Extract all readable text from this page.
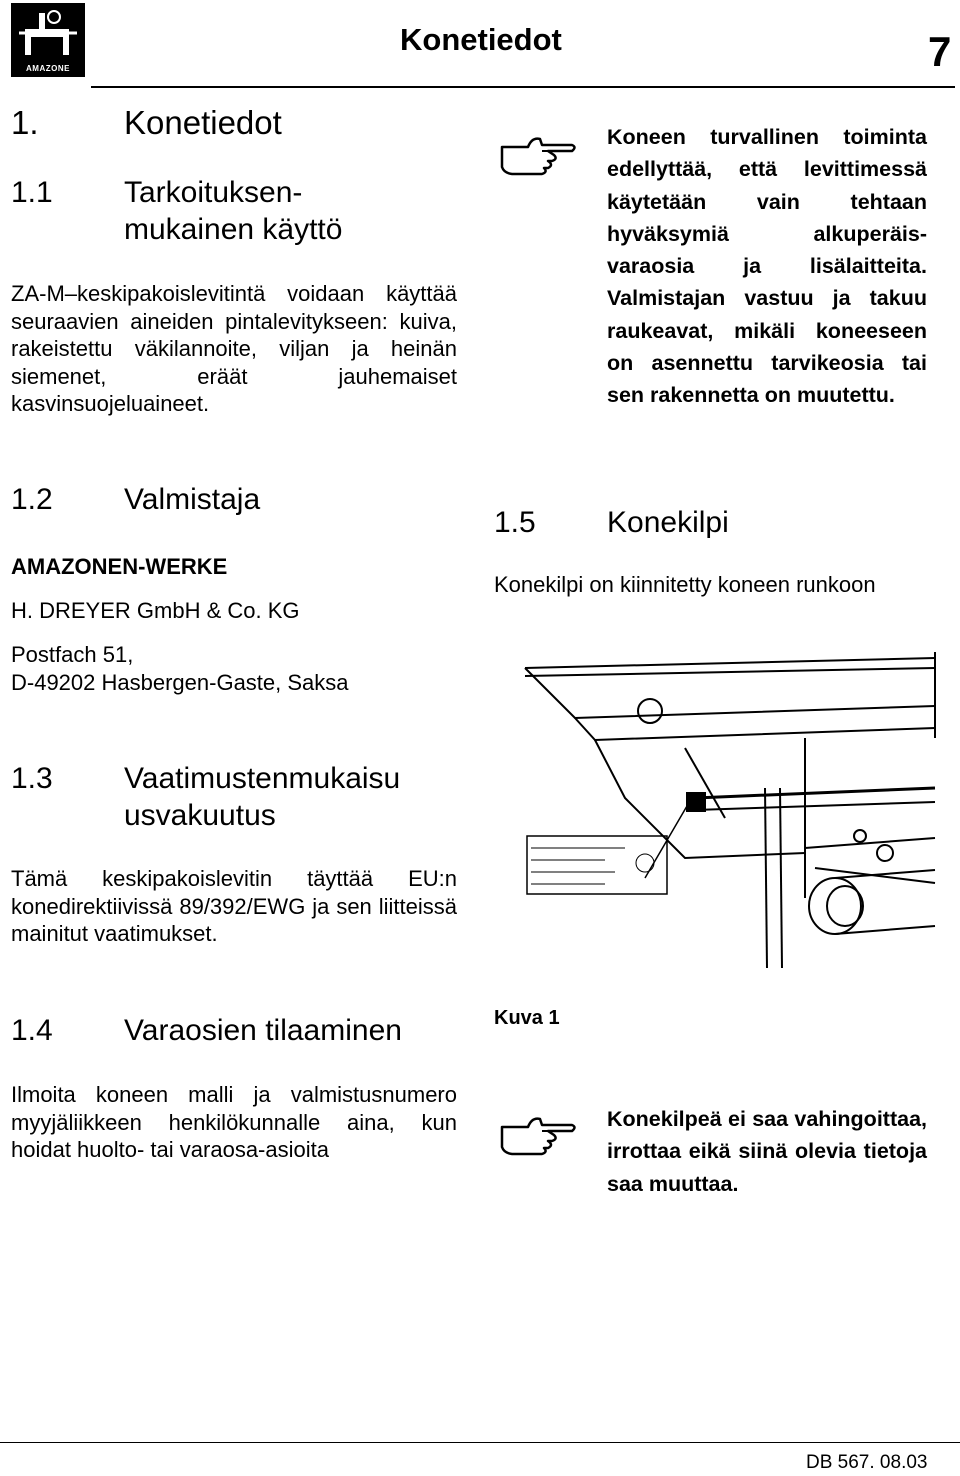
AMAZONE
Konetiedot	7
1.	Konetiedot
1.1 Tarkoituksen-
mukainen käyttö
ZA-M–keskipakoislevitintä voidaan käyttää seuraavien aineiden pintalevitykseen: kuiva, rakeistettu väkilannoite, viljan ja heinän siemenet, eräät jauhemaiset kasvinsuojeluaineet.
Koneen turvallinen toiminta edellyttää, että levittimessä käytetään vain tehtaan hyväksymiä alkuperäis-varaosia ja lisälaitteita. Valmistajan vastuu ja takuu raukeavat, mikäli koneeseen on asennettu tarvikeosia tai sen rakennetta on muutettu.
1.2 Valmistaja
AMAZONEN-WERKE
H. DREYER GmbH & Co. KG
Postfach 51,
D-49202 Hasbergen-Gaste, Saksa
1.3 Vaatimustenmukaisu
usvakuutus
Tämä keskipakoislevitin täyttää EU:n konedirektiivissä 89/392/EWG ja sen liitteissä mainitut vaatimukset.
1.4 Varaosien tilaaminen
Ilmoita koneen malli ja valmistusnumero myyjäliikkeen henkilökunnalle aina, kun hoidat huolto- tai varaosa-asioita
1.5 Konekilpi
Konekilpi on kiinnitetty koneen runkoon
Kuva 1
Konekilpeä ei saa vahingoittaa, irrottaa eikä siinä olevia tietoja saa muuttaa.
DB 567. 08.03
